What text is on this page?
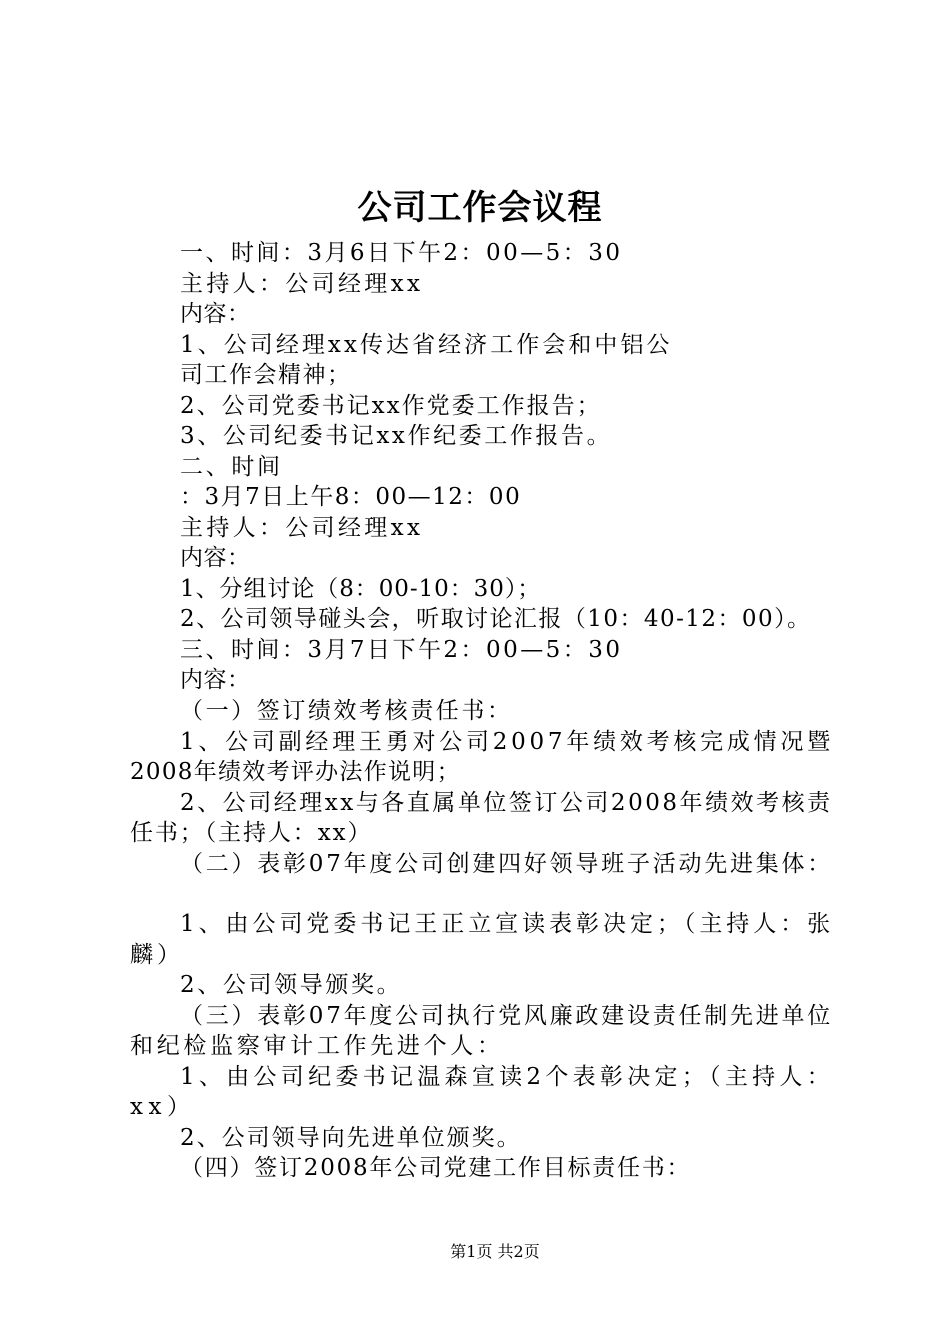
公司工作会议程
一、时间：3月6日下午2：00—5：30
主持人：公司经理xx
内容：
1、公司经理xx传达省经济工作会和中铝公
司工作会精神；
2、公司党委书记xx作党委工作报告；
3、公司纪委书记xx作纪委工作报告。
二、时间
：3月7日上午8：00—12：00
主持人：公司经理xx
内容：
1、分组讨论（8：00-10：30）；
2、公司领导碰头会，听取讨论汇报（10：40-12：00）。
三、时间：3月7日下午2：00—5：30
内容：
（一）签订绩效考核责任书：
1、公司副经理王勇对公司2007年绩效考核完成情况暨
2008年绩效考评办法作说明；
2、公司经理xx与各直属单位签订公司2008年绩效考核责
任书；（主持人：xx）
（二）表彰07年度公司创建四好领导班子活动先进集体：
1、由公司党委书记王正立宣读表彰决定；（主持人：张
麟）
2、公司领导颁奖。
（三）表彰07年度公司执行党风廉政建设责任制先进单位
和纪检监察审计工作先进个人：
1、由公司纪委书记温森宣读2个表彰决定；（主持人：
xx）
2、公司领导向先进单位颁奖。
（四）签订2008年公司党建工作目标责任书：
第1页 共2页
